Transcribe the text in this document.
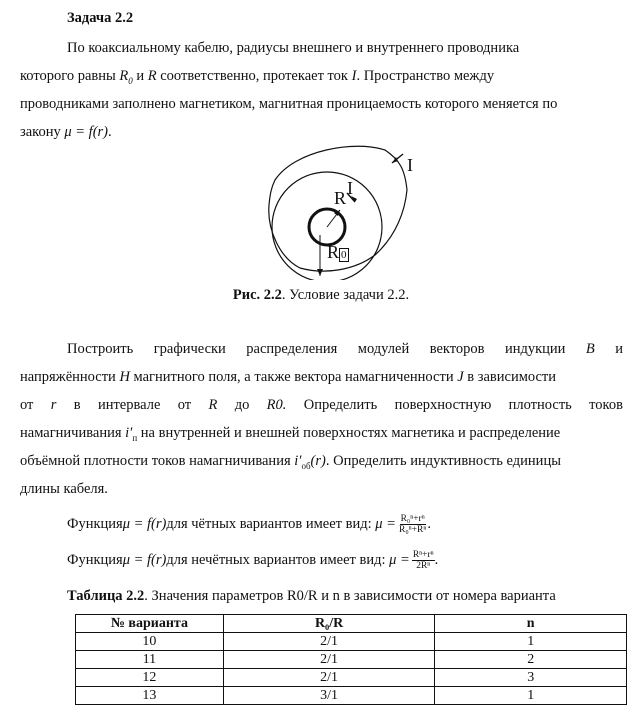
Задача 2.2
По коаксиальному кабелю, радиусы внешнего и внутреннего проводника
которого равны $R_0$ и R соответственно, протекает ток I. Пространство между
проводниками заполнено магнетиком, магнитная проницаемость которого меняется по
закону μ = f(r).
I
I
R
R 0
Рис. 2.2. Условие задачи 2.2.
Построить графически распределения модулей векторов индукции B и
напряжённости H магнитного поля, а также вектора намагниченности J в зависимости
от r в интервале от R до R0. Определить поверхностную плотность токов
намагничивания $i'_п$ на внутренней и внешней поверхностях магнетика и распределение
объёмной плотности токов намагничивания $i'_{об}(r)$. Определить индуктивность единицы
длины кабеля.
Функция μ = f(r) для чётных вариантов имеет вид:
$\mu = \frac{\text{R₀ⁿ+rⁿ}}{\text{R₀ⁿ+Rⁿ}}$ .
Функция μ = f(r) для нечётных вариантов имеет вид:
$\mu = \frac{\text{Rⁿ+rⁿ}}{\text{2Rⁿ}}$ .
Таблица 2.2. Значения параметров R0/R и n в зависимости от номера варианта
№ варианта	R₀/R	n
10	2/1	1
11	2/1	2
12	2/1	3
13	3/1	1
